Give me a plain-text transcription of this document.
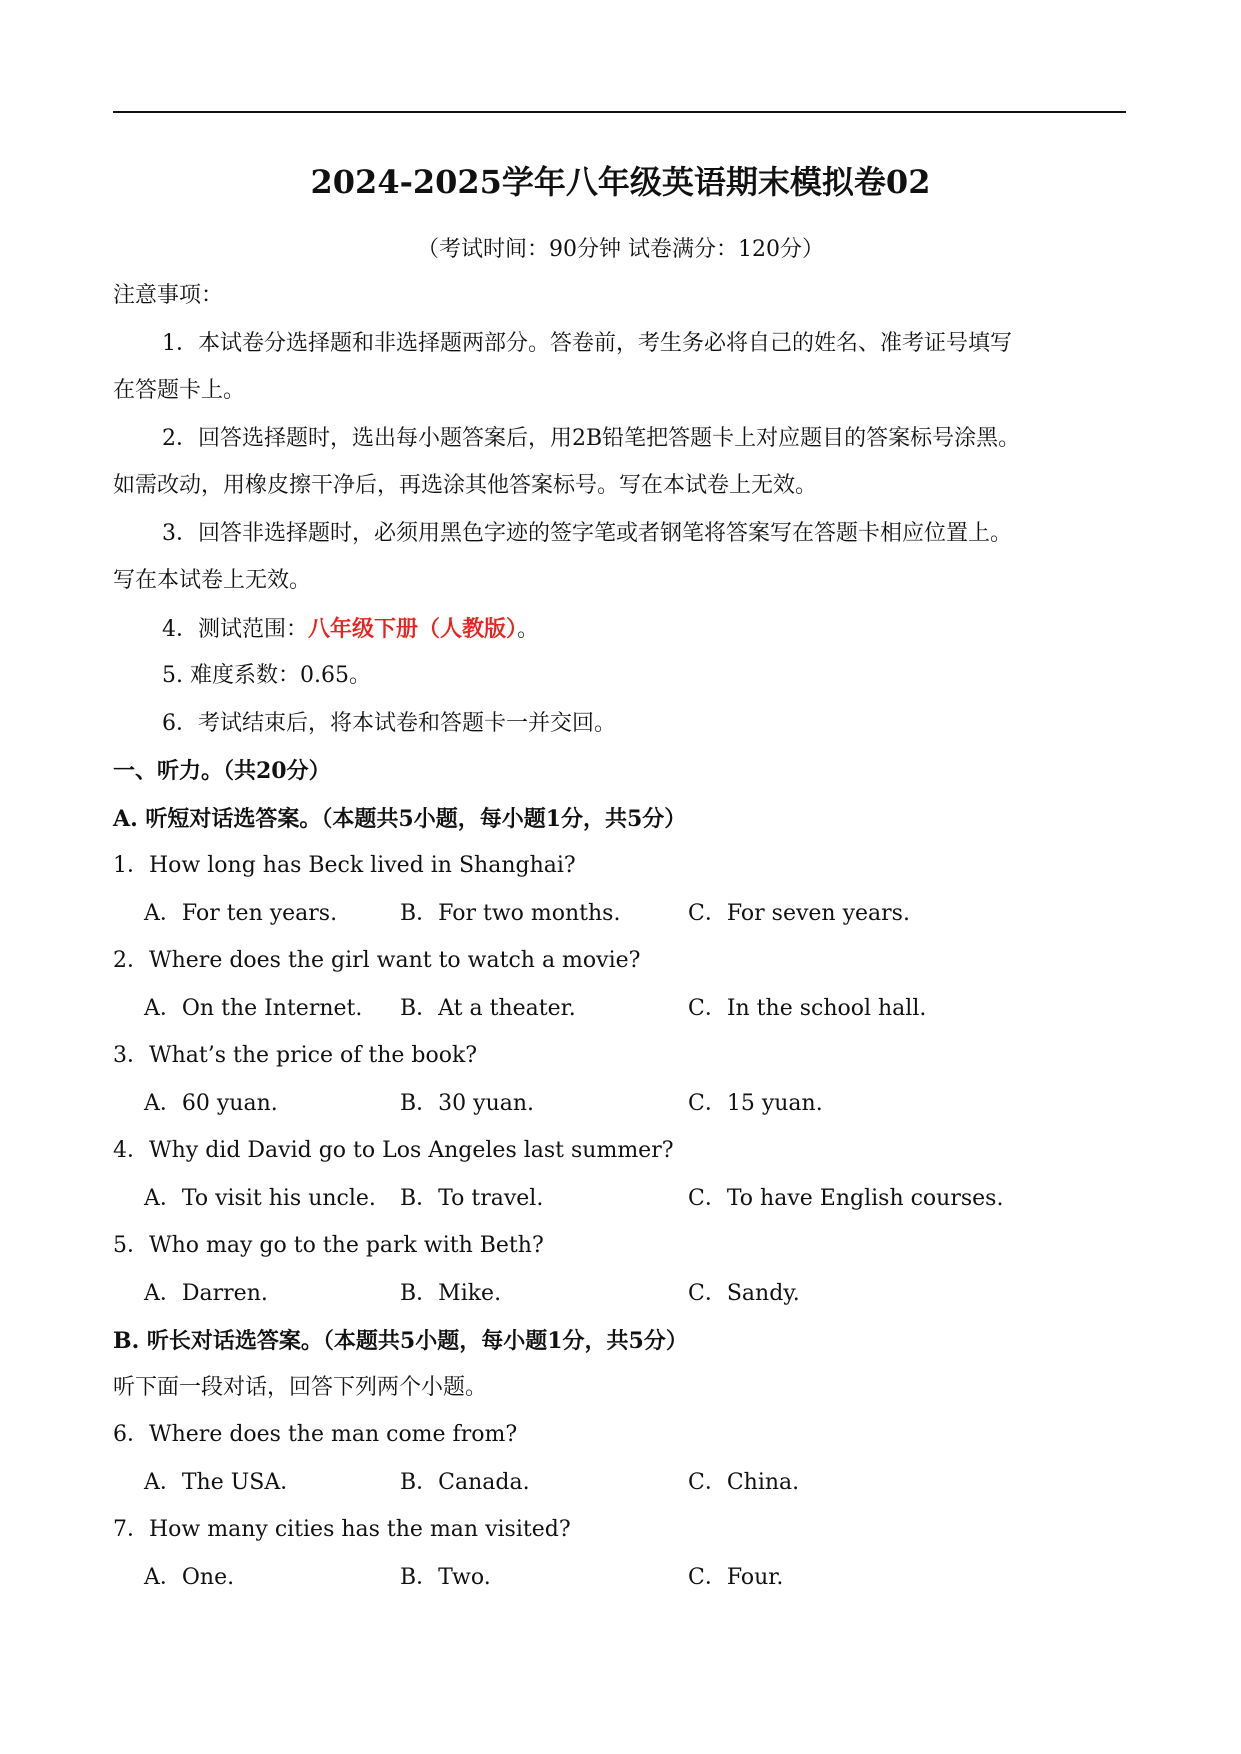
2024-2025学年八年级英语期末模拟卷02
（考试时间：90分钟 试卷满分：120分）
注意事项：
1．本试卷分选择题和非选择题两部分。答卷前，考生务必将自己的姓名、准考证号填写
在答题卡上。
2．回答选择题时，选出每小题答案后，用2B铅笔把答题卡上对应题目的答案标号涂黑。
如需改动，用橡皮擦干净后，再选涂其他答案标号。写在本试卷上无效。
3．回答非选择题时，必须用黑色字迹的签字笔或者钢笔将答案写在答题卡相应位置上。
写在本试卷上无效。
4．测试范围：八年级下册（人教版）。
5. 难度系数：0.65。
6．考试结束后，将本试卷和答题卡一并交回。
一、听力。（共20分）
A. 听短对话选答案。（本题共5小题，每小题1分，共5分）
1．How long has Beck lived in Shanghai?
A．For ten years.	B．For two months.	C．For seven years.
2．Where does the girl want to watch a movie?
A．On the Internet. B．At a theater.	C．In the school hall.
3．What’s the price of the book?
A．60 yuan.	B．30 yuan.	C．15 yuan.
4．Why did David go to Los Angeles last summer?
A．To visit his uncle. B．To travel.	C．To have English courses.
5．Who may go to the park with Beth?
A．Darren.	B．Mike.	C．Sandy.
B. 听长对话选答案。（本题共5小题，每小题1分，共5分）
听下面一段对话，回答下列两个小题。
6．Where does the man come from?
A．The USA．	B．Canada.	C．China.
7．How many cities has the man visited?
A．One.	B．Two.	C．Four.
